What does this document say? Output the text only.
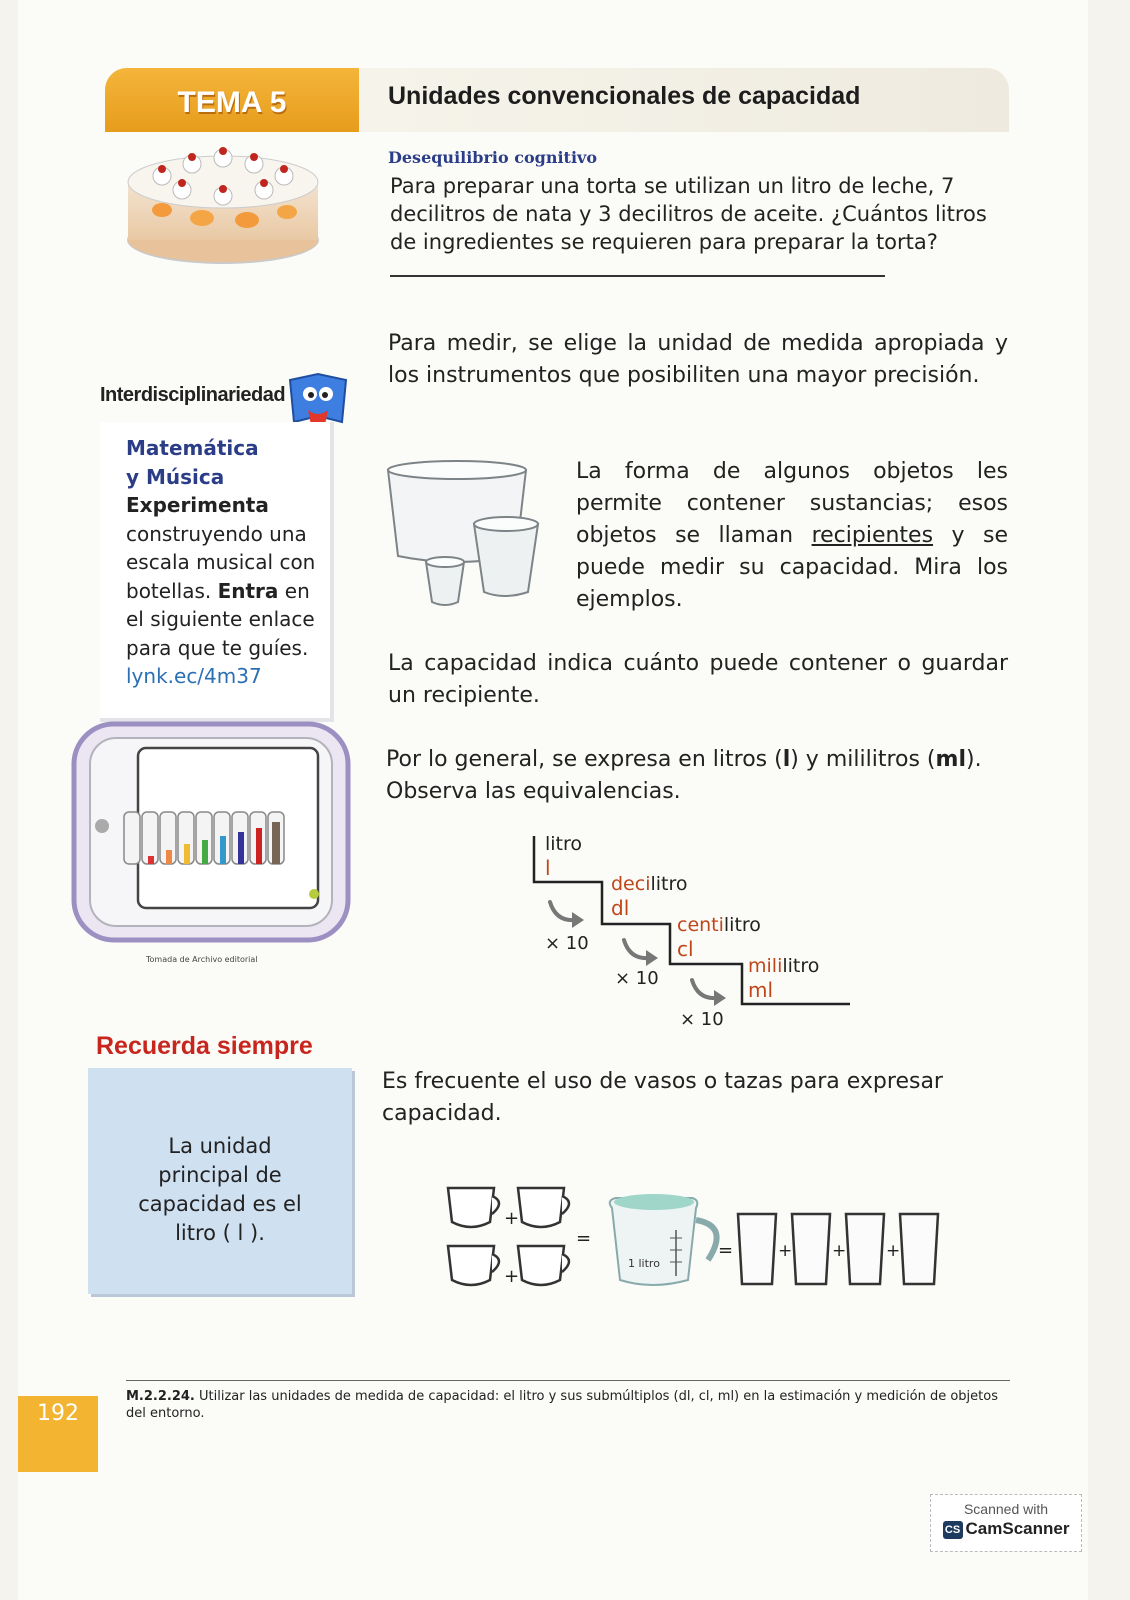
TEMA 5	Unidades convencionales de capacidad
Desequilibrio cognitivo
Para preparar una torta se utilizan un litro de leche, 7 decilitros de nata y 3 decilitros de aceite. ¿Cuántos litros de ingredientes se requieren para preparar la torta?
Para medir, se elige la unidad de medida apropiada y los instrumentos que posibiliten una mayor precisión.
La forma de algunos objetos les permite contener sustancias; esos objetos se llaman recipientes y se puede medir su capacidad. Mira los ejemplos.
La capacidad indica cuánto puede contener o guardar un recipiente.
Por lo general, se expresa en litros (l) y mililitros (ml).
Observa las equivalencias.
litro
l
decilitro
dl
centilitro
cl
mililitro
ml
× 10
× 10
× 10
Es frecuente el uso de vasos o tazas para expresar capacidad.
+
+
=
1 litro
=	+ + +
Interdisciplinariedad
Matemática
y Música
Experimenta construyendo una escala musical con botellas. Entra en el siguiente enlace para que te guíes.
lynk.ec/4m37
Tomada de Archivo editorial
Recuerda siempre
La unidad principal de capacidad es el litro ( l ).
M.2.2.24. Utilizar las unidades de medida de capacidad: el litro y sus submúltiplos (dl, cl, ml) en la estimación y medición de objetos del entorno.
192
Scanned with
CS CamScanner
